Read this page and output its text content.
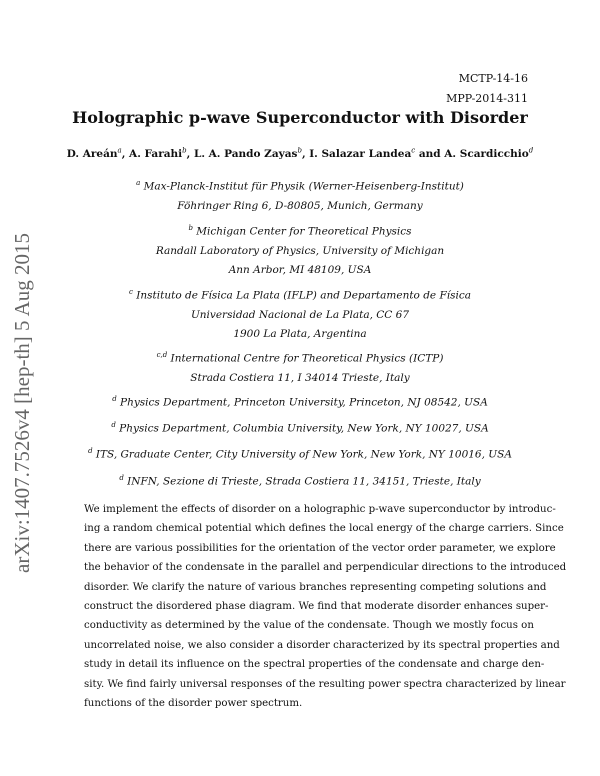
MCTP-14-16
MPP-2014-311
Holographic p-wave Superconductor with Disorder
D. Areán$^a$, A. Farahi$^b$, L. A. Pando Zayas$^b$, I. Salazar Landea$^c$ and A. Scardicchio$^d$
$^a$ Max-Planck-Institut für Physik (Werner-Heisenberg-Institut)
Föhringer Ring 6, D-80805, Munich, Germany
$^b$ Michigan Center for Theoretical Physics
Randall Laboratory of Physics, University of Michigan
Ann Arbor, MI 48109, USA
$^c$ Instituto de Física La Plata (IFLP) and Departamento de Física
Universidad Nacional de La Plata, CC 67
1900 La Plata, Argentina
$^{c,d}$ International Centre for Theoretical Physics (ICTP)
Strada Costiera 11, I 34014 Trieste, Italy
$^d$ Physics Department, Princeton University, Princeton, NJ 08542, USA
$^d$ Physics Department, Columbia University, New York, NY 10027, USA
$^d$ ITS, Graduate Center, City University of New York, New York, NY 10016, USA
$^d$ INFN, Sezione di Trieste, Strada Costiera 11, 34151, Trieste, Italy
arXiv:1407.7526v4 [hep-th] 5 Aug 2015	We implement the effects of disorder on a holographic p-wave superconductor by introduc-
ing a random chemical potential which defines the local energy of the charge carriers. Since
there are various possibilities for the orientation of the vector order parameter, we explore
the behavior of the condensate in the parallel and perpendicular directions to the introduced
disorder. We clarify the nature of various branches representing competing solutions and
construct the disordered phase diagram. We find that moderate disorder enhances super-
conductivity as determined by the value of the condensate. Though we mostly focus on
uncorrelated noise, we also consider a disorder characterized by its spectral properties and
study in detail its influence on the spectral properties of the condensate and charge den-
sity. We find fairly universal responses of the resulting power spectra characterized by linear
functions of the disorder power spectrum.
